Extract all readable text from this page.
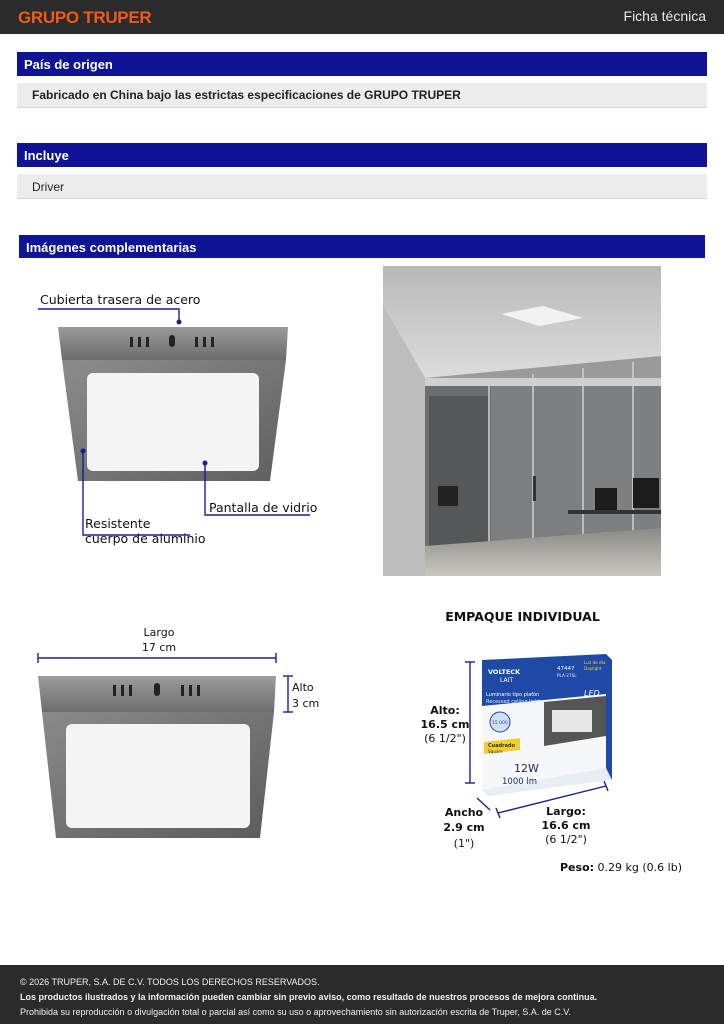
GRUPO TRUPER	Ficha técnica
País de origen
Fabricado en China bajo las estrictas especificaciones de GRUPO TRUPER
Incluye
Driver
Imágenes complementarias
Cubierta trasera de acero
Pantalla de vidrio
Resistente
cuerpo de aluminio
Largo
17 cm
Alto
3 cm
EMPAQUE INDIVIDUAL
VOLTECK
LAIT
47447
PLA-27SL
Luz de día
Daylight
Luminario tipo plafón
Recessed ceiling light
LED
15 000
Cuadrado
Square
12W
1000 lm
Alto:
16.5 cm
(6 1/2")
Ancho
2.9 cm
(1")
Largo:
16.6 cm
(6 1/2")
Peso: 0.29 kg (0.6 lb)
© 2026 TRUPER, S.A. DE C.V. TODOS LOS DERECHOS RESERVADOS.
Los productos ilustrados y la información pueden cambiar sin previo aviso, como resultado de nuestros procesos de mejora continua.
Prohibida su reproducción o divulgación total o parcial así como su uso o aprovechamiento sin autorización escrita de Truper, S.A. de C.V.
